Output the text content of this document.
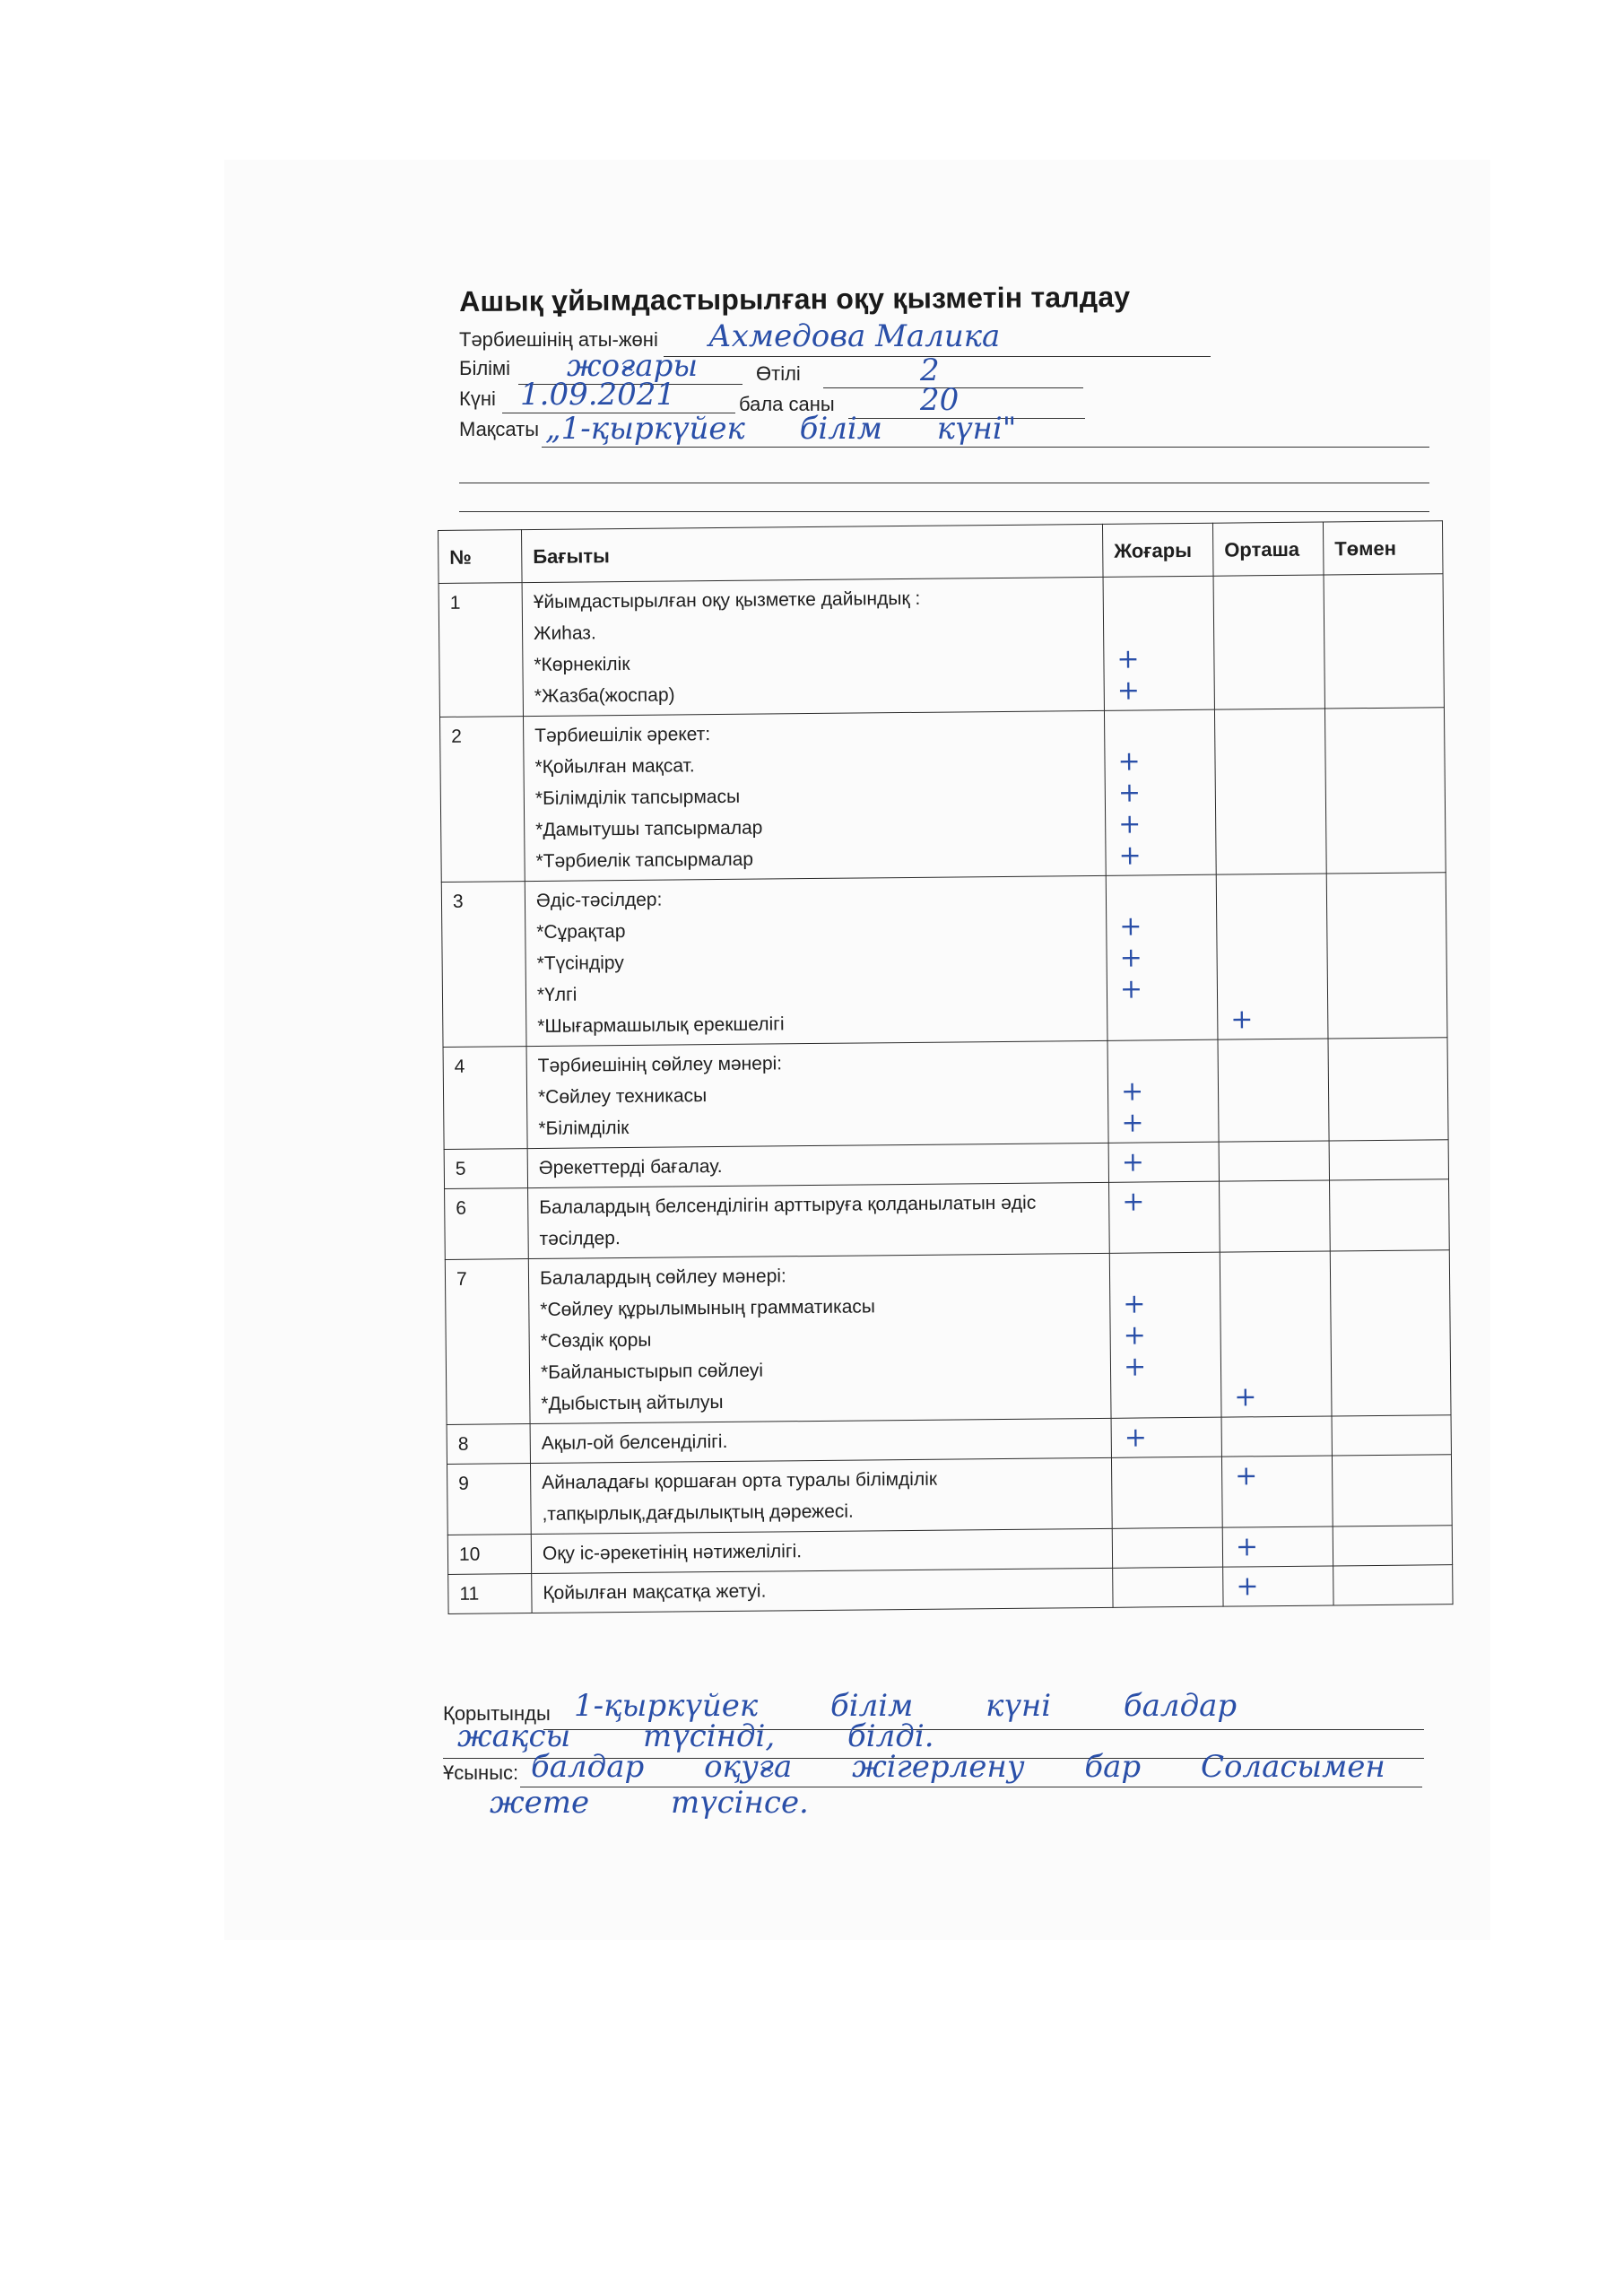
Ашық ұйымдастырылған оқу қызметін талдау
Тәрбиешінің аты-жөні Ахмедова Малика
Білімі жоғары	Өтілі	2
Күні 1.09.2021	бала саны	20
Мақсаты „1-қыркүйек білім күні"
№	Бағыты	Жоғары	Орташа	Төмен
1	Ұйымдастырылған оқу қызметке дайындық :
Жиһаз.
*Көрнекілік
*Жазба(жоспар)	+
+		

2	Тәрбиешілік әрекет:
*Қойылған мақсат.
*Білімділік тапсырмасы
*Дамытушы тапсырмалар
*Тәрбиелік тапсырмалар	+
+
+
+		

3	Әдіс-тәсілдер:
*Сұрақтар
*Түсіндіру
*Үлгі
*Шығармашылық ерекшелігі	+
+
+	+	

4	Тәрбиешінің сөйлеу мәнері:
*Сөйлеу техникасы
*Білімділік	+
+		

5	Әрекеттерді бағалау.	+		

6	Балалардың белсенділігін арттыруға қолданылатын әдіс
тәсілдер.	+		

7	Балалардың сөйлеу мәнері:
*Сөйлеу құрылымының грамматикасы
*Сөздік қоры
*Байланыстырып сөйлеуі
*Дыбыстың айтылуы	+
+
+	+	

8	Ақыл-ой белсенділігі.	+		

9	Айналадағы қоршаған орта туралы білімділік
,тапқырлық,дағдылықтың дәрежесі.		+	

10	Оқу іс-әрекетінің нәтижелілігі.		+	

11	Қойылған мақсатқа жетуі.		+	

Қорытынды 1-қыркүйек білім күні балдар
жақсы түсінді, білді.
Ұсыныс: балдар оқуға жігерлену бар Соласымен
жете түсінсе.
